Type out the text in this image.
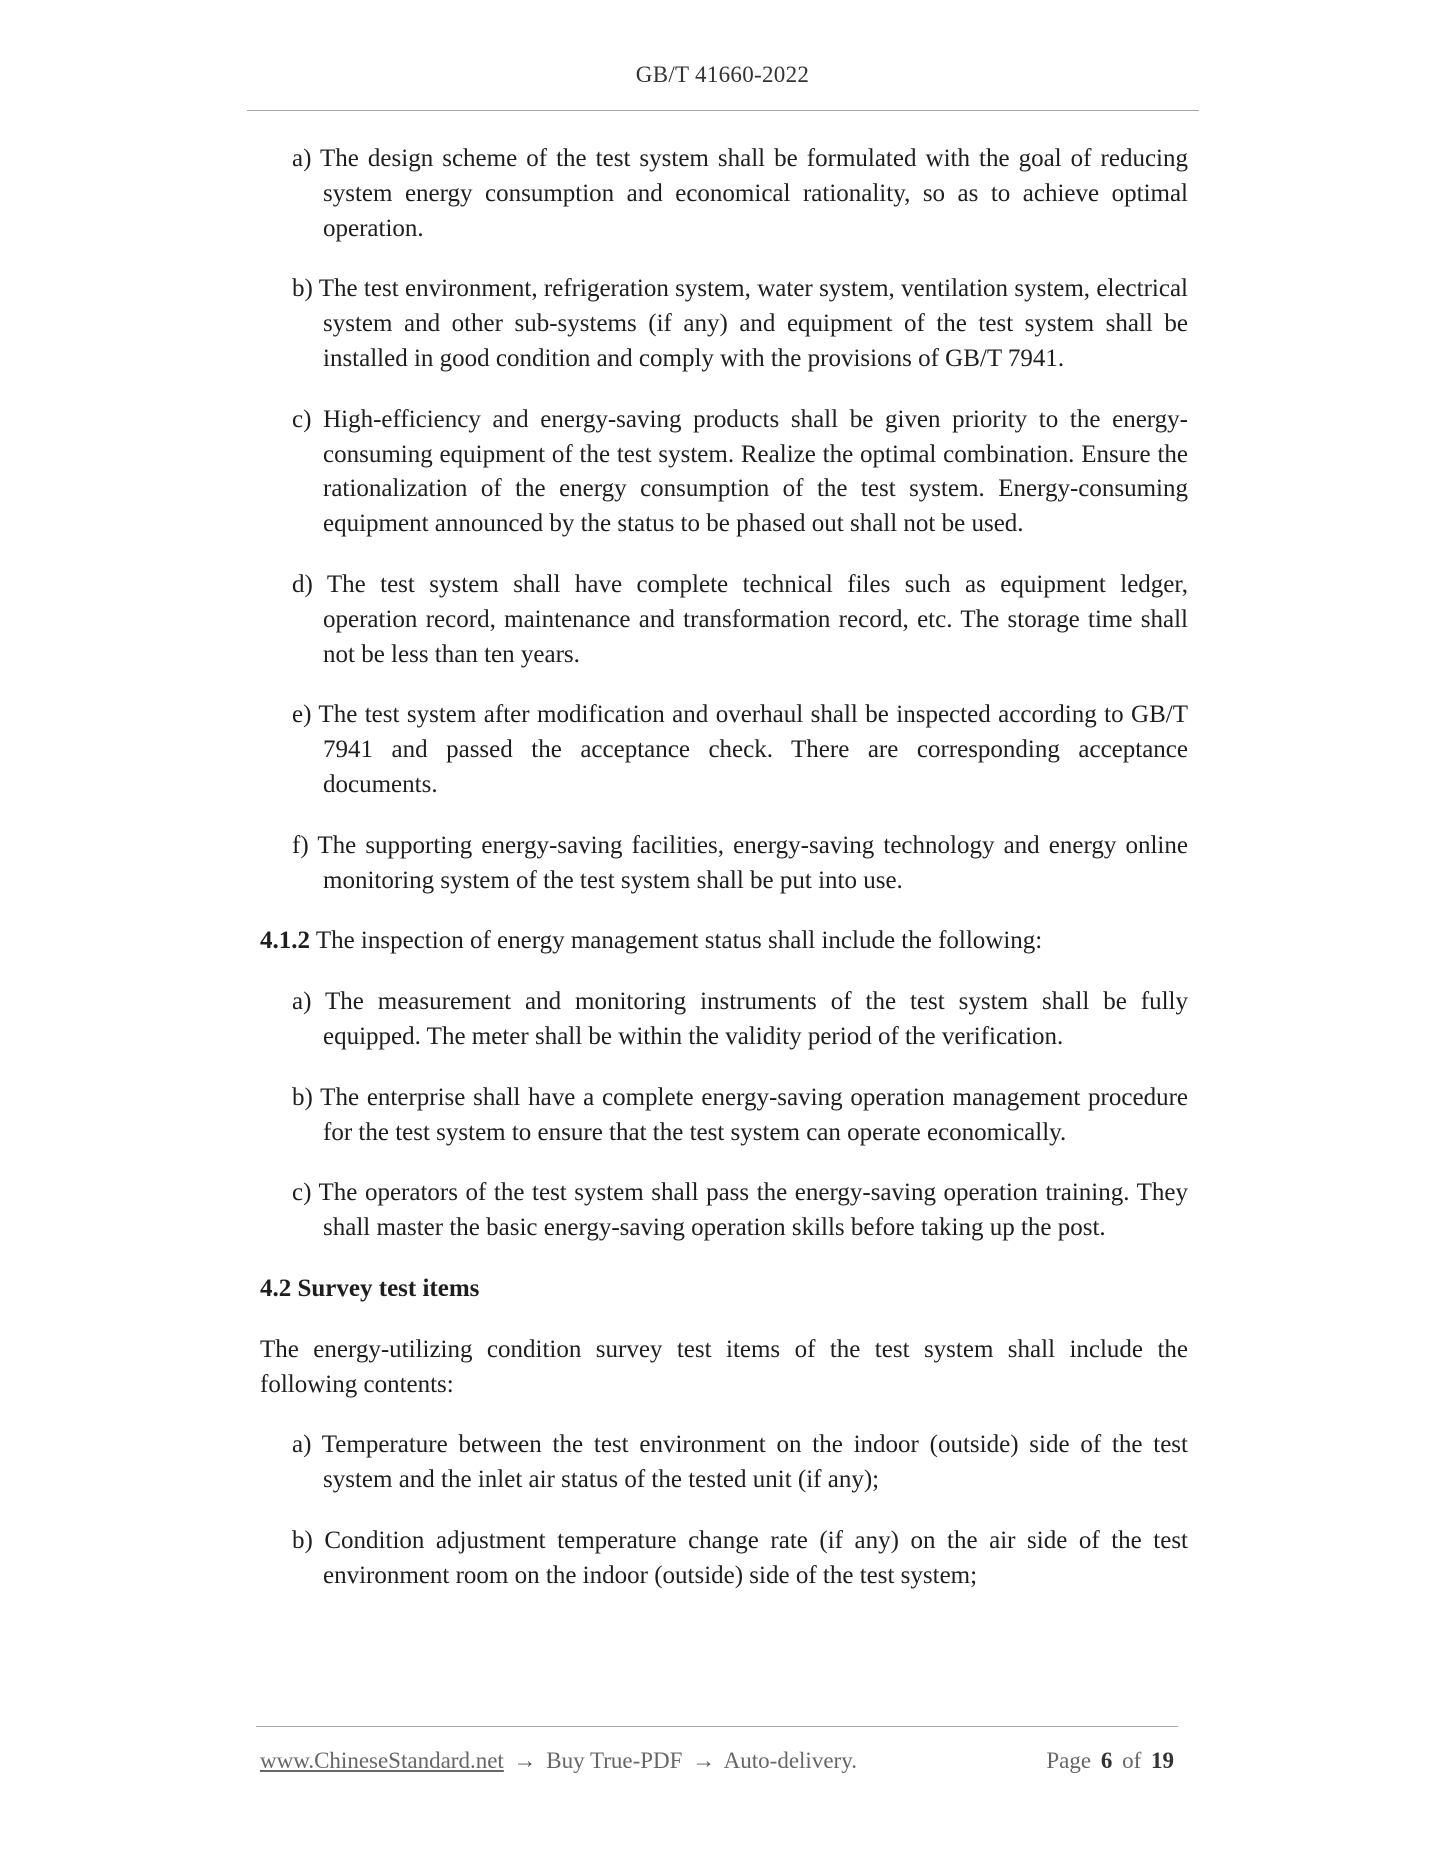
GB/T 41660-2022

a) The design scheme of the test system shall be formulated with the goal of reducing system energy consumption and economical rationality, so as to achieve optimal operation.

b) The test environment, refrigeration system, water system, ventilation system, electrical system and other sub-systems (if any) and equipment of the test system shall be installed in good condition and comply with the provisions of GB/T 7941.

c) High-efficiency and energy-saving products shall be given priority to the energy-consuming equipment of the test system. Realize the optimal combination. Ensure the rationalization of the energy consumption of the test system. Energy-consuming equipment announced by the status to be phased out shall not be used.

d) The test system shall have complete technical files such as equipment ledger, operation record, maintenance and transformation record, etc. The storage time shall not be less than ten years.

e) The test system after modification and overhaul shall be inspected according to GB/T 7941 and passed the acceptance check. There are corresponding acceptance documents.

f) The supporting energy-saving facilities, energy-saving technology and energy online monitoring system of the test system shall be put into use.

4.1.2 The inspection of energy management status shall include the following:

a) The measurement and monitoring instruments of the test system shall be fully equipped. The meter shall be within the validity period of the verification.

b) The enterprise shall have a complete energy-saving operation management procedure for the test system to ensure that the test system can operate economically.

c) The operators of the test system shall pass the energy-saving operation training. They shall master the basic energy-saving operation skills before taking up the post.

4.2 Survey test items

The energy-utilizing condition survey test items of the test system shall include the following contents:

a) Temperature between the test environment on the indoor (outside) side of the test system and the inlet air status of the tested unit (if any);

b) Condition adjustment temperature change rate (if any) on the air side of the test environment room on the indoor (outside) side of the test system;

www.ChineseStandard.net → Buy True-PDF → Auto-delivery.	Page 6 of 19
